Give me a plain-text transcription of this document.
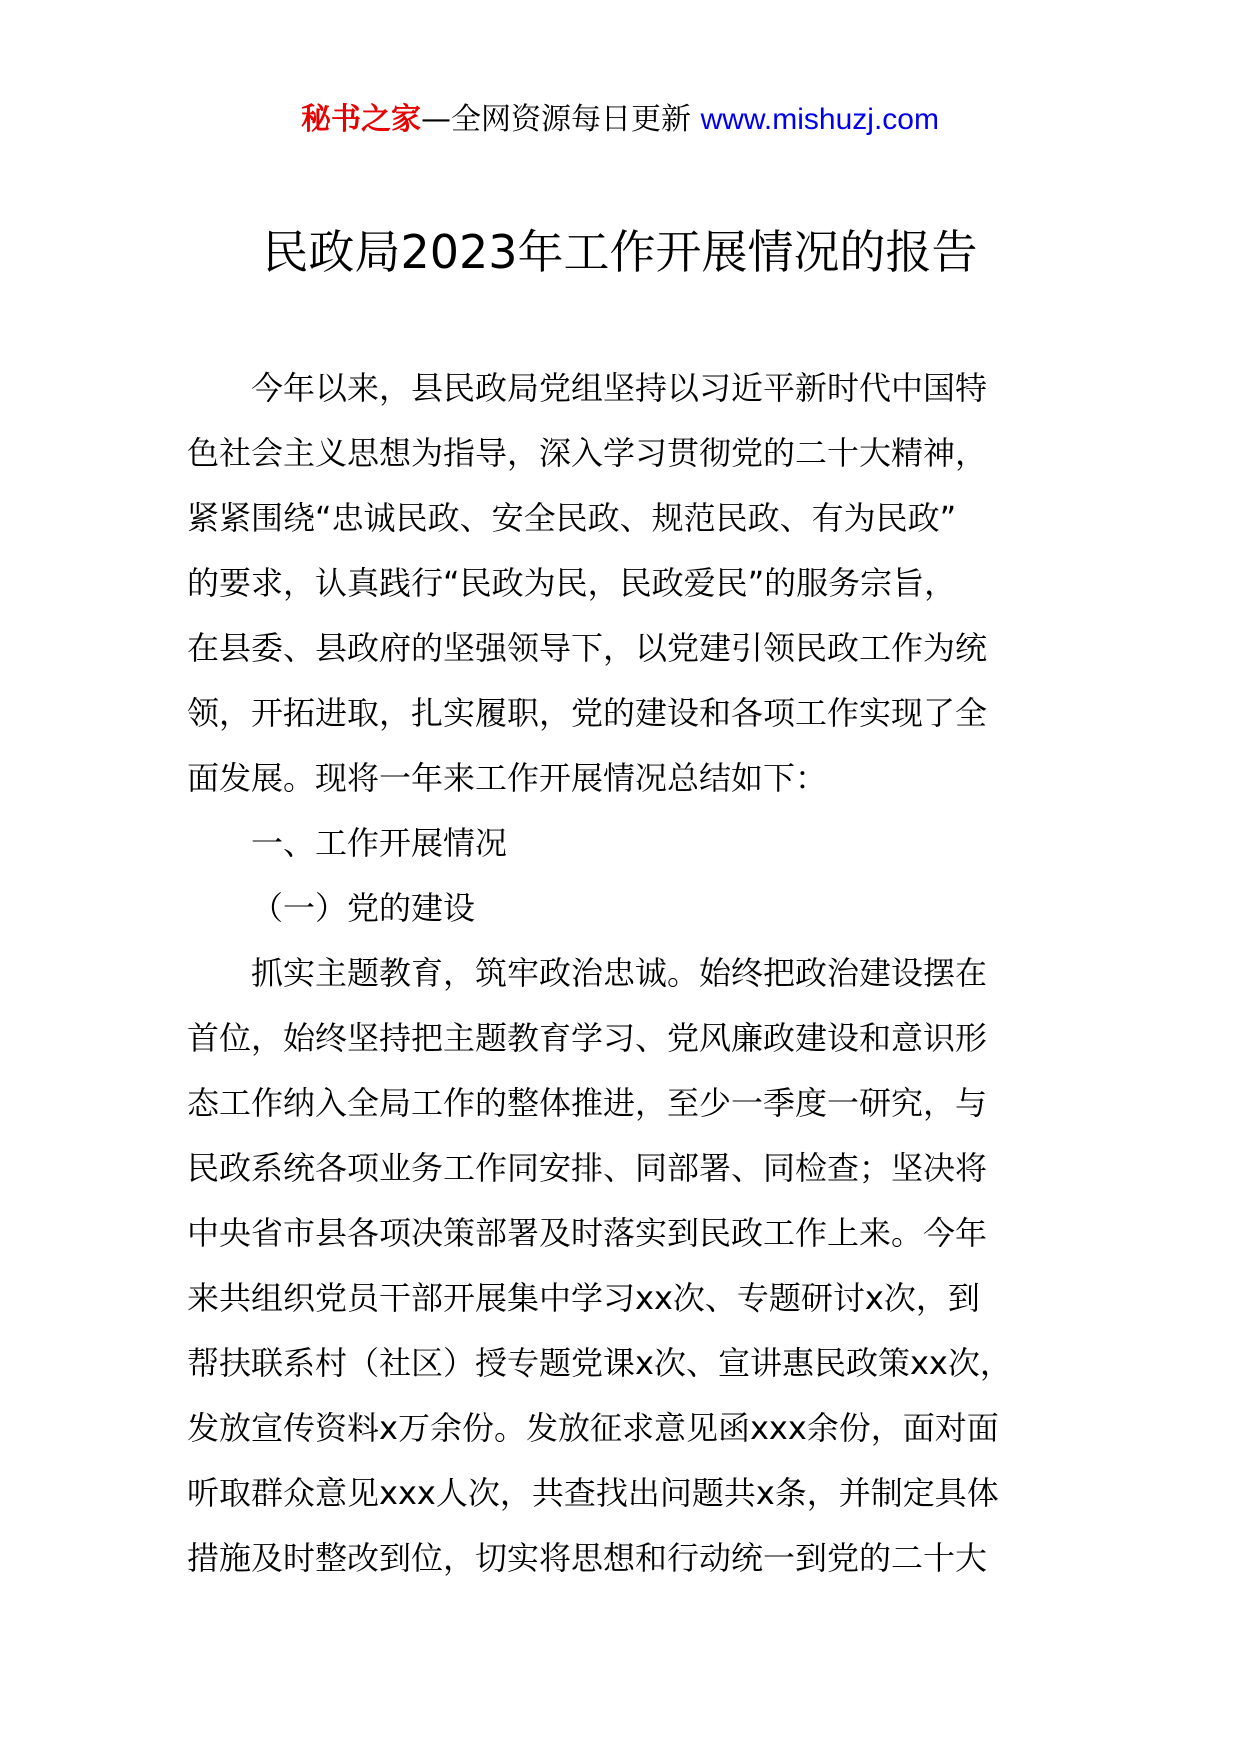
秘书之家—全网资源每日更新 www.mishuzj.com
民政局2023年工作开展情况的报告
今年以来，县民政局党组坚持以习近平新时代中国特
色社会主义思想为指导，深入学习贯彻党的二十大精神，
紧紧围绕“忠诚民政、安全民政、规范民政、有为民政”
的要求，认真践行“民政为民，民政爱民”的服务宗旨，
在县委、县政府的坚强领导下，以党建引领民政工作为统
领，开拓进取，扎实履职，党的建设和各项工作实现了全
面发展。现将一年来工作开展情况总结如下：
一、工作开展情况
（一）党的建设
抓实主题教育，筑牢政治忠诚。始终把政治建设摆在
首位，始终坚持把主题教育学习、党风廉政建设和意识形
态工作纳入全局工作的整体推进，至少一季度一研究，与
民政系统各项业务工作同安排、同部署、同检查；坚决将
中央省市县各项决策部署及时落实到民政工作上来。今年
来共组织党员干部开展集中学习xx次、专题研讨x次，到
帮扶联系村（社区）授专题党课x次、宣讲惠民政策xx次，
发放宣传资料x万余份。发放征求意见函xxx余份，面对面
听取群众意见xxx人次，共查找出问题共x条，并制定具体
措施及时整改到位，切实将思想和行动统一到党的二十大
